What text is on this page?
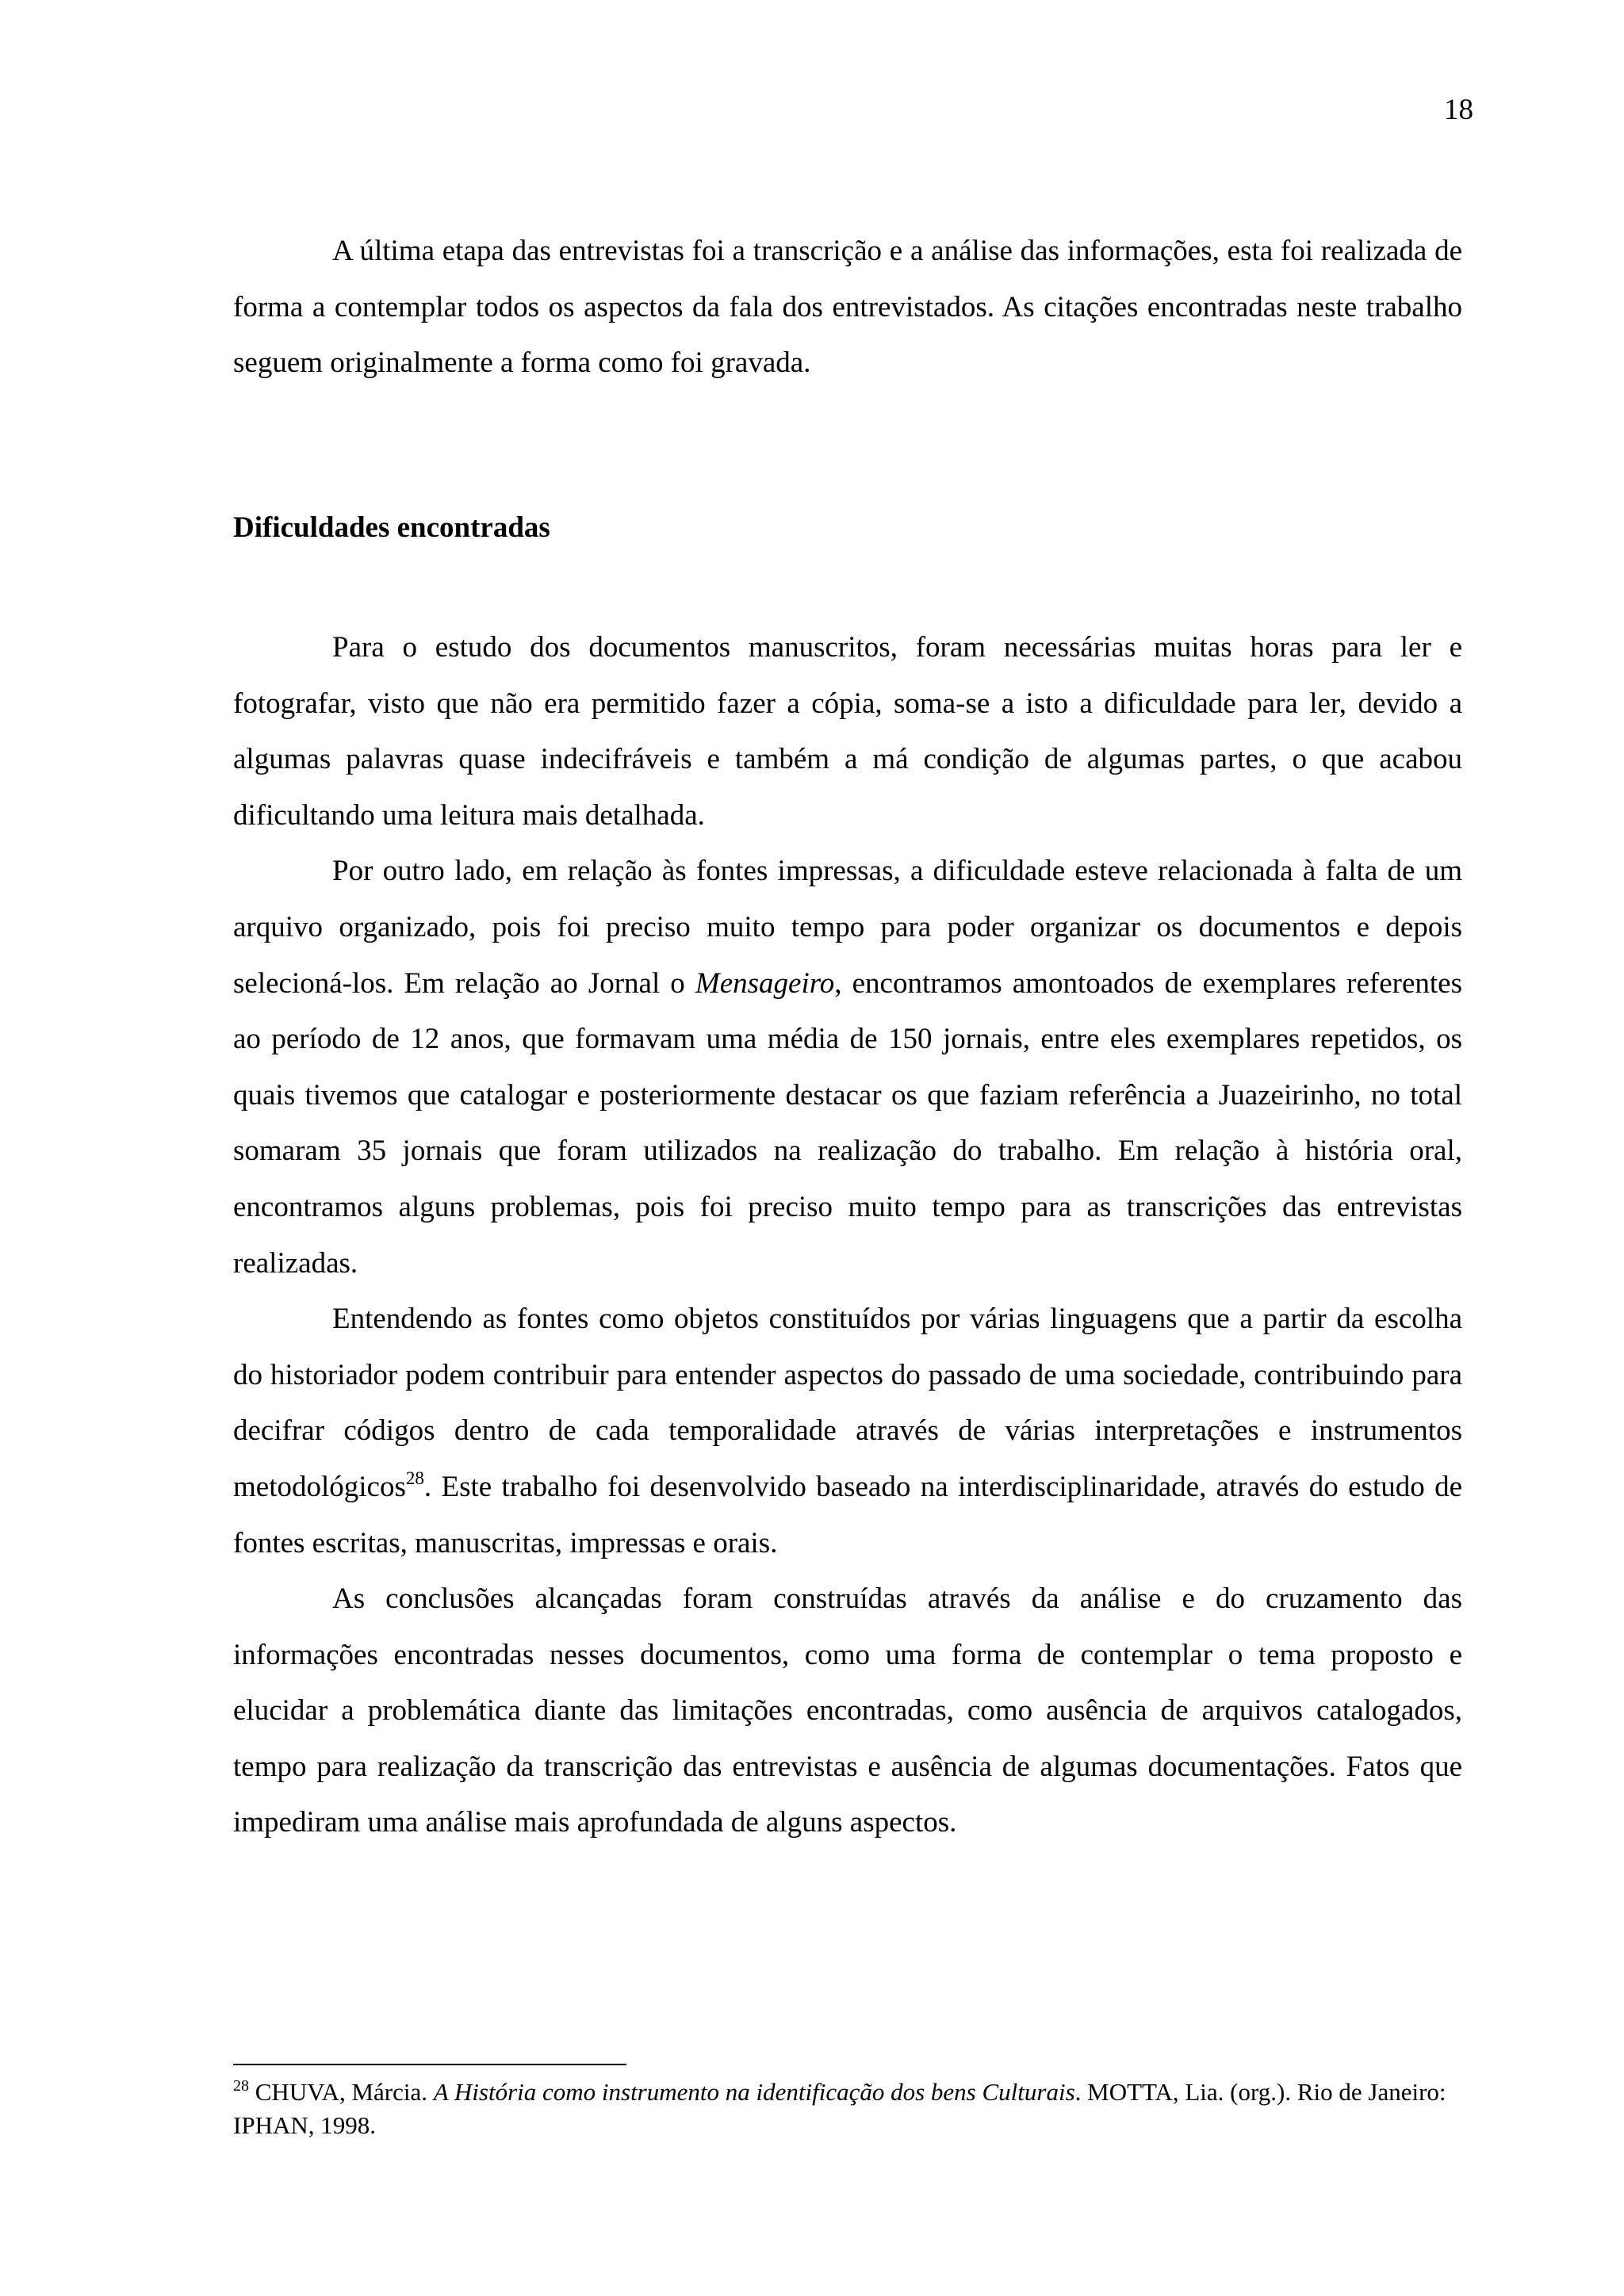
18

A última etapa das entrevistas foi a transcrição e a análise das informações, esta foi realizada de forma a contemplar todos os aspectos da fala dos entrevistados. As citações encontradas neste trabalho seguem originalmente a forma como foi gravada.

Dificuldades encontradas

Para o estudo dos documentos manuscritos, foram necessárias muitas horas para ler e fotografar, visto que não era permitido fazer a cópia, soma-se a isto a dificuldade para ler, devido a algumas palavras quase indecifráveis e também a má condição de algumas partes, o que acabou dificultando uma leitura mais detalhada.

Por outro lado, em relação às fontes impressas, a dificuldade esteve relacionada à falta de um arquivo organizado, pois foi preciso muito tempo para poder organizar os documentos e depois selecioná-los. Em relação ao Jornal o Mensageiro, encontramos amontoados de exemplares referentes ao período de 12 anos, que formavam uma média de 150 jornais, entre eles exemplares repetidos, os quais tivemos que catalogar e posteriormente destacar os que faziam referência a Juazeirinho, no total somaram 35 jornais que foram utilizados na realização do trabalho. Em relação à história oral, encontramos alguns problemas, pois foi preciso muito tempo para as transcrições das entrevistas realizadas.

Entendendo as fontes como objetos constituídos por várias linguagens que a partir da escolha do historiador podem contribuir para entender aspectos do passado de uma sociedade, contribuindo para decifrar códigos dentro de cada temporalidade através de várias interpretações e instrumentos metodológicos$^{28}$. Este trabalho foi desenvolvido baseado na interdisciplinaridade, através do estudo de fontes escritas, manuscritas, impressas e orais.

As conclusões alcançadas foram construídas através da análise e do cruzamento das informações encontradas nesses documentos, como uma forma de contemplar o tema proposto e elucidar a problemática diante das limitações encontradas, como ausência de arquivos catalogados, tempo para realização da transcrição das entrevistas e ausência de algumas documentações. Fatos que impediram uma análise mais aprofundada de alguns aspectos.

$^{28}$ CHUVA, Márcia. A História como instrumento na identificação dos bens Culturais. MOTTA, Lia. (org.). Rio de Janeiro: IPHAN, 1998.
